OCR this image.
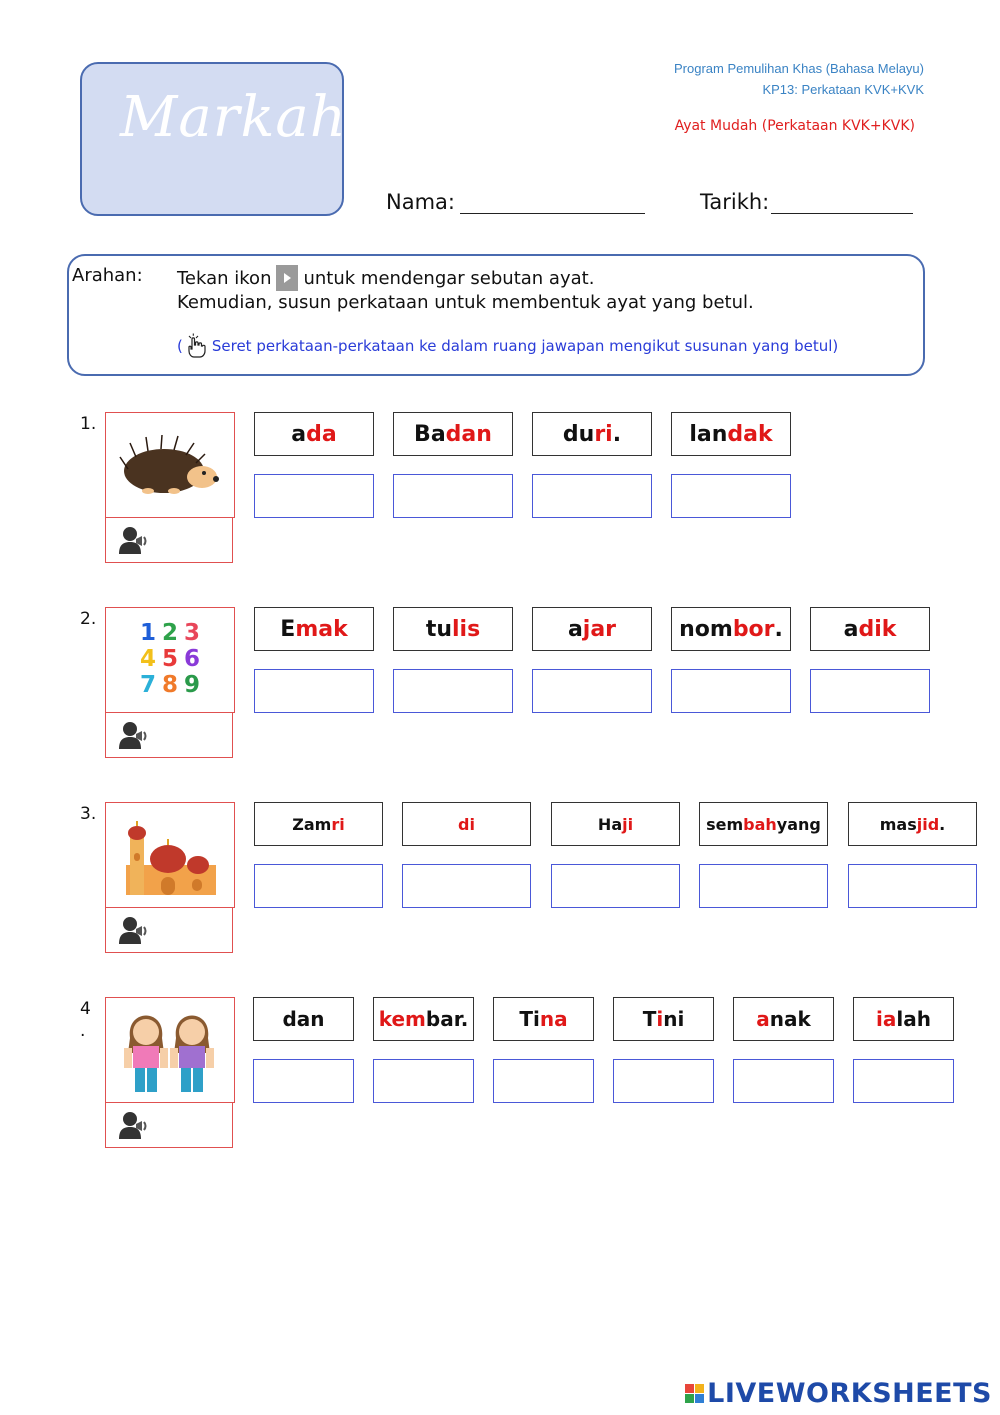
Markah
Program Pemulihan Khas (Bahasa Melayu)
KP13: Perkataan KVK+KVK
Ayat Mudah (Perkataan KVK+KVK)
Nama:	Tarikh:
Arahan: Tekan ikon untuk mendengar sebutan ayat.
Kemudian, susun perkataan untuk membentuk ayat yang betul.
( Seret perkataan-perkataan ke dalam ruang jawapan mengikut susunan yang betul)
1.	a da	Ba dan	du ri .	lan dak
2.
1 2 3
4 5 6
7 8 9
E mak	tu lis	a jar	nom bor .	a dik
3.	Zam ri	di	Ha ji	sem bah yang	mas jid .
4
.	dan	kem bar.	Ti na	T i ni	a nak	ia lah
LIVEWORKSHEETS
